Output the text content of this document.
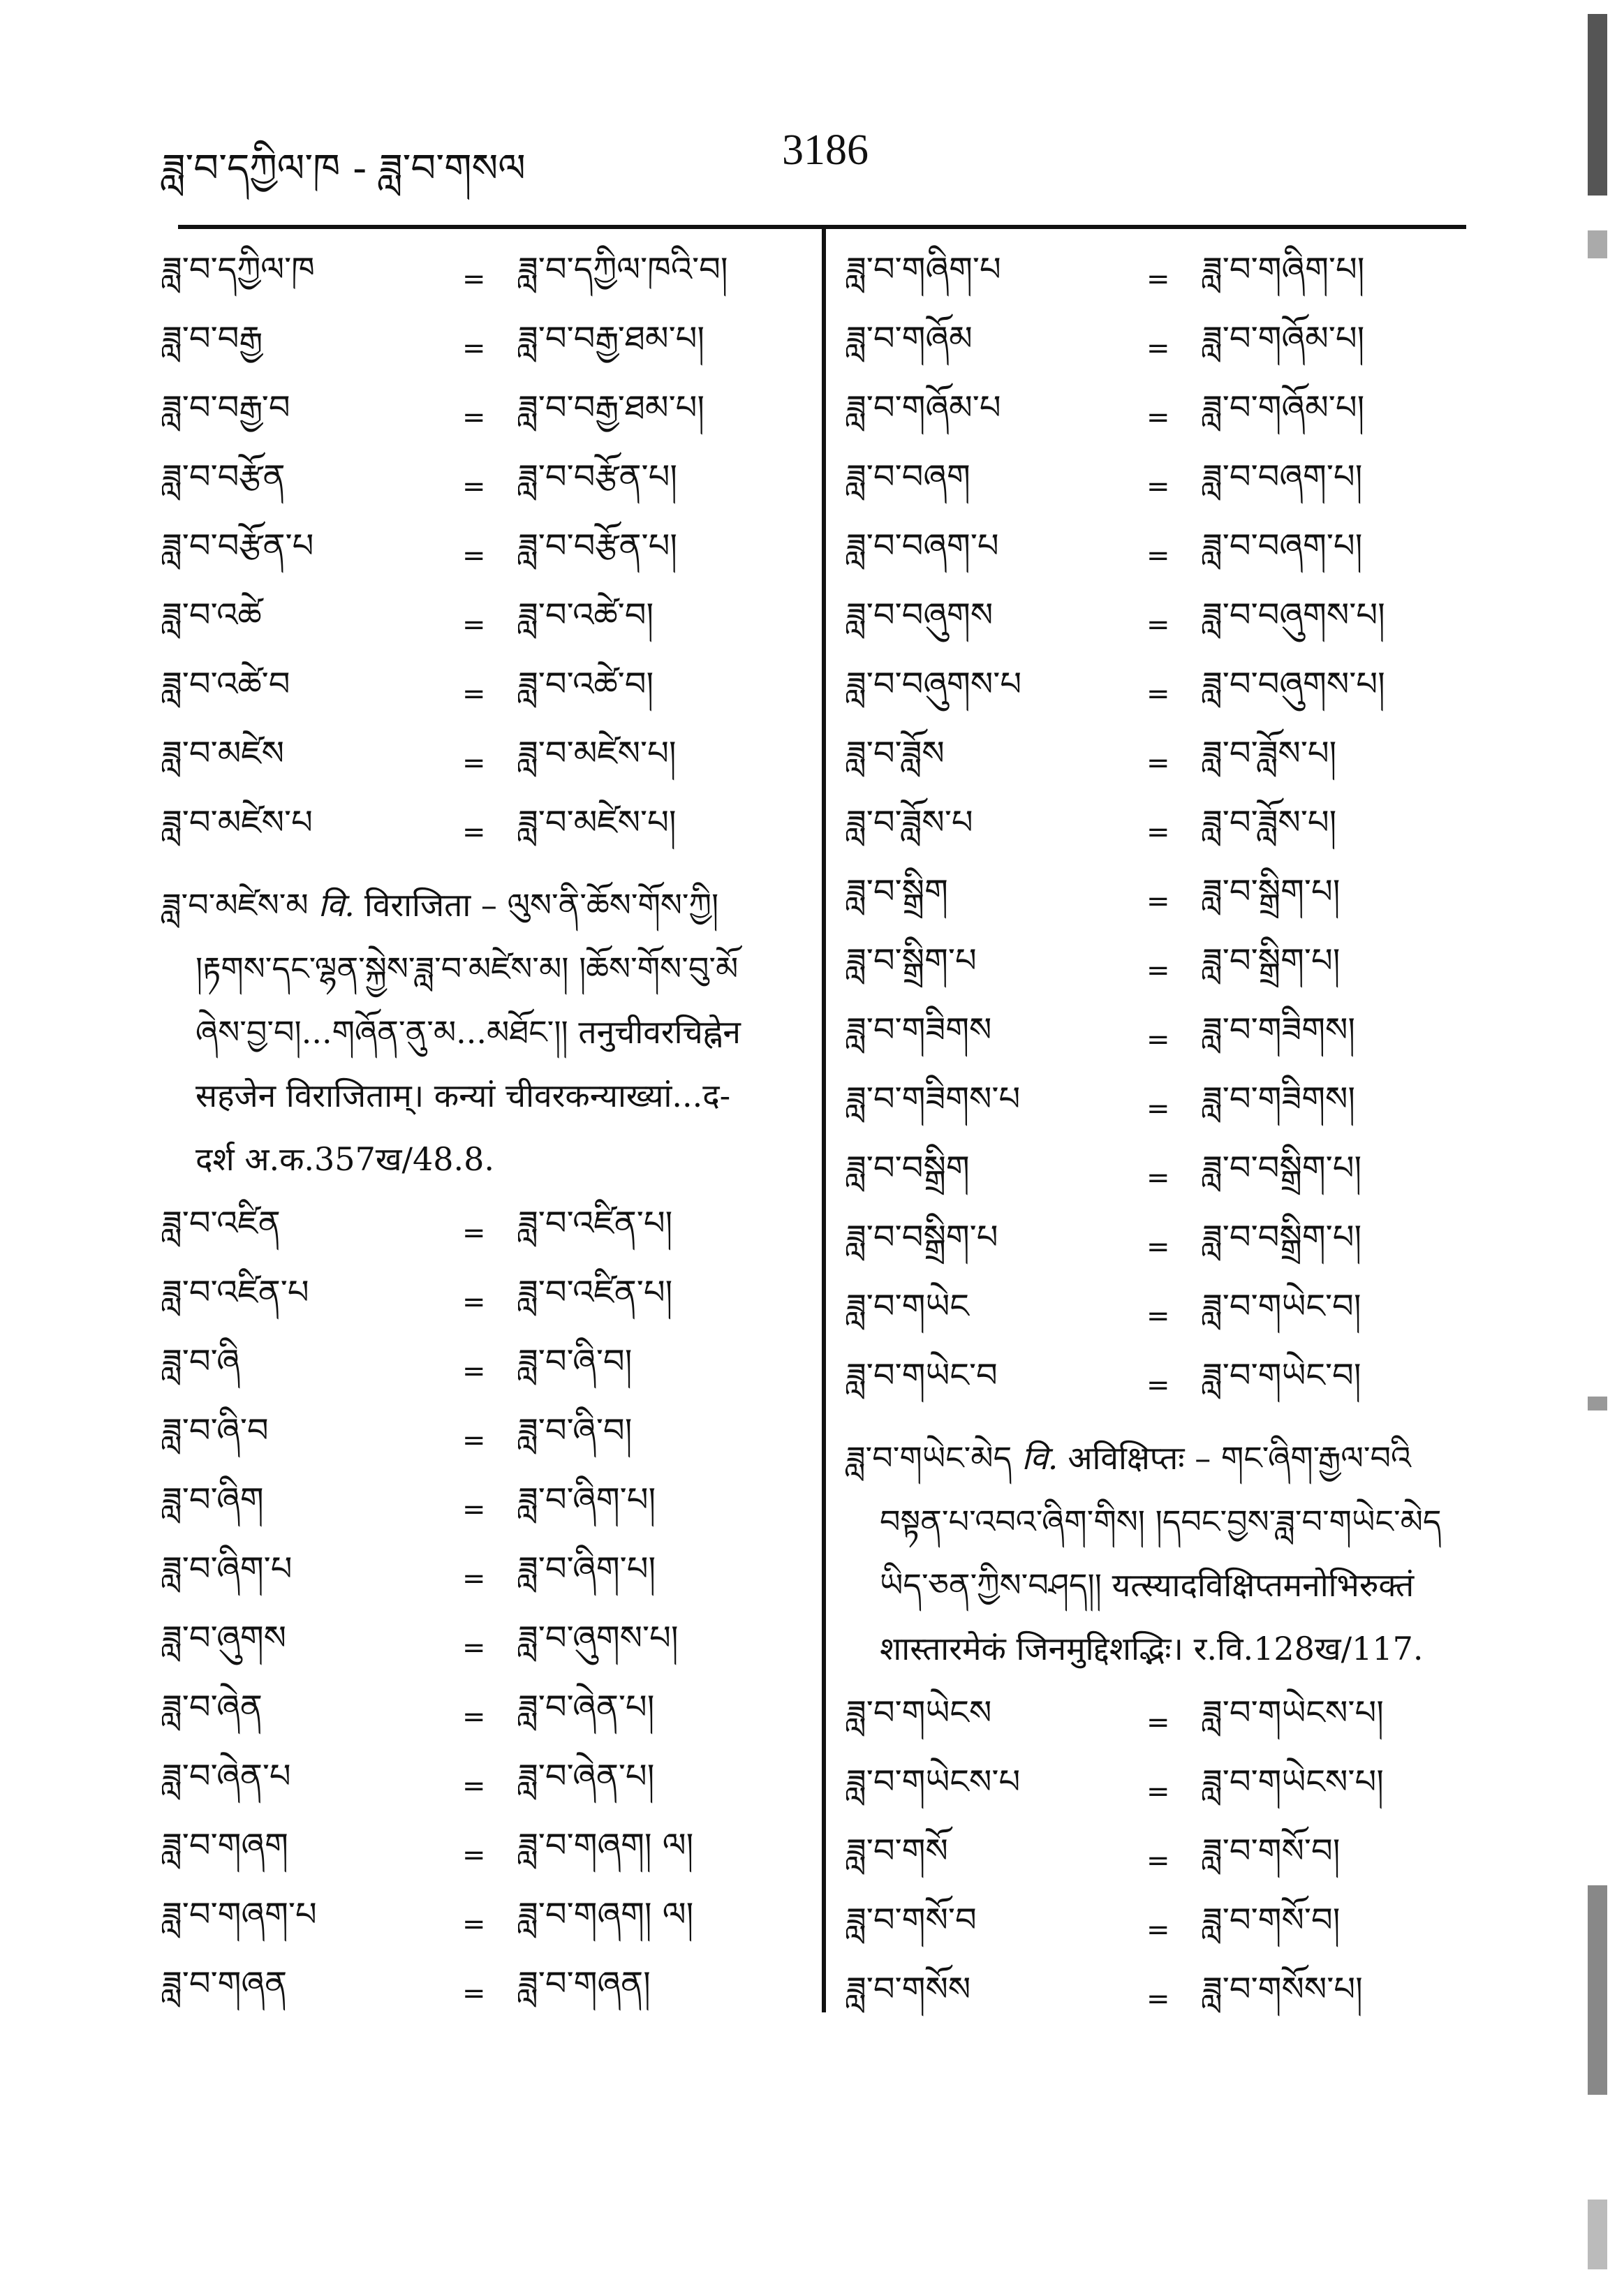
ཟླ་བ་དཀྱིལ་ཁ - ཟླ་བ་གསལ	3186
ཟླ་བ་དཀྱིལ་ཁ	= ཟླ་བ་དཀྱིལ་ཁའི་བ།
ཟླ་བ་བརྒྱ	= ཟླ་བ་བརྒྱ་ཐམ་པ།
ཟླ་བ་བརྒྱ་བ	= ཟླ་བ་བརྒྱ་ཐམ་པ།
ཟླ་བ་བརྩོན	= ཟླ་བ་བརྩོན་པ།
ཟླ་བ་བརྩོན་པ	= ཟླ་བ་བརྩོན་པ།
ཟླ་བ་འཚེ	= ཟླ་བ་འཚེ་བ།
ཟླ་བ་འཚེ་བ	= ཟླ་བ་འཚེ་བ།
ཟླ་བ་མཛེས	= ཟླ་བ་མཛེས་པ།
ཟླ་བ་མཛེས་པ	= ཟླ་བ་མཛེས་པ།
ཟླ་བ་མཛེས་མ वि. विराजिता – ལུས་ནི་ཆོས་གོས་ཀྱི།
།རྟགས་དང་ལྷན་སྐྱེས་ཟླ་བ་མཛེས་མ། །ཆོས་གོས་བུ་མོ
ཞེས་བྱ་བ།...གཞོན་ནུ་མ...མཐོང་།། तनुचीवरचिह्नेन
सहजेन विराजिताम्। कन्यां चीवरकन्याख्यां...द-
दर्श अ.क.357ख/48.8.
ཟླ་བ་འཛིན	= ཟླ་བ་འཛིན་པ།
ཟླ་བ་འཛིན་པ	= ཟླ་བ་འཛིན་པ།
ཟླ་བ་ཞི	= ཟླ་བ་ཞི་བ།
ཟླ་བ་ཞི་བ	= ཟླ་བ་ཞི་བ།
ཟླ་བ་ཞིག	= ཟླ་བ་ཞིག་པ།
ཟླ་བ་ཞིག་པ	= ཟླ་བ་ཞིག་པ།
ཟླ་བ་ཞུགས	= ཟླ་བ་ཞུགས་པ།
ཟླ་བ་ཞེན	= ཟླ་བ་ཞེན་པ།
ཟླ་བ་ཞེན་པ	= ཟླ་བ་ཞེན་པ།
ཟླ་བ་གཞག	= ཟླ་བ་གཞག། ལ།
ཟླ་བ་གཞག་པ	= ཟླ་བ་གཞག། ལ།
ཟླ་བ་གཞན	= ཟླ་བ་གཞན།
ཟླ་བ་གཞིག་པ	= ཟླ་བ་གཞིག་པ།
ཟླ་བ་གཞོམ	= ཟླ་བ་གཞོམ་པ།
ཟླ་བ་གཞོམ་པ	= ཟླ་བ་གཞོམ་པ།
ཟླ་བ་བཞག	= ཟླ་བ་བཞག་པ།
ཟླ་བ་བཞག་པ	= ཟླ་བ་བཞག་པ།
ཟླ་བ་བཞུགས	= ཟླ་བ་བཞུགས་པ།
ཟླ་བ་བཞུགས་པ	= ཟླ་བ་བཞུགས་པ།
ཟླ་བ་ཟློས	= ཟླ་བ་ཟློས་པ།
ཟླ་བ་ཟློས་པ	= ཟླ་བ་ཟློས་པ།
ཟླ་བ་སྒྲིག	= ཟླ་བ་སྒྲིག་པ།
ཟླ་བ་སྒྲིག་པ	= ཟླ་བ་སྒྲིག་པ།
ཟླ་བ་གཟིགས	= ཟླ་བ་གཟིགས།
ཟླ་བ་གཟིགས་པ	= ཟླ་བ་གཟིགས།
ཟླ་བ་བསྒྲིག	= ཟླ་བ་བསྒྲིག་པ།
ཟླ་བ་བསྒྲིག་པ	= ཟླ་བ་བསྒྲིག་པ།
ཟླ་བ་གཡེང	= ཟླ་བ་གཡེང་བ།
ཟླ་བ་གཡེང་བ	= ཟླ་བ་གཡེང་བ།
ཟླ་བ་གཡེང་མེད वि. अविक्षिप्तः – གང་ཞིག་རྒྱལ་བའི
བསྟན་པ་འབའ་ཞིག་གིས། །དབང་བྱས་ཟླ་བ་གཡེང་མེད
ཡིད་ཅན་ཀྱིས་བཤད།། यत्स्यादविक्षिप्तमनोभिरुक्तं
शास्तारमेकं जिनमुद्दिशद्भिः। र.वि.128ख/117.
ཟླ་བ་གཡེངས	= ཟླ་བ་གཡེངས་པ།
ཟླ་བ་གཡེངས་པ	= ཟླ་བ་གཡེངས་པ།
ཟླ་བ་གསོ	= ཟླ་བ་གསོ་བ།
ཟླ་བ་གསོ་བ	= ཟླ་བ་གསོ་བ།
ཟླ་བ་གསོས	= ཟླ་བ་གསོས་པ།
